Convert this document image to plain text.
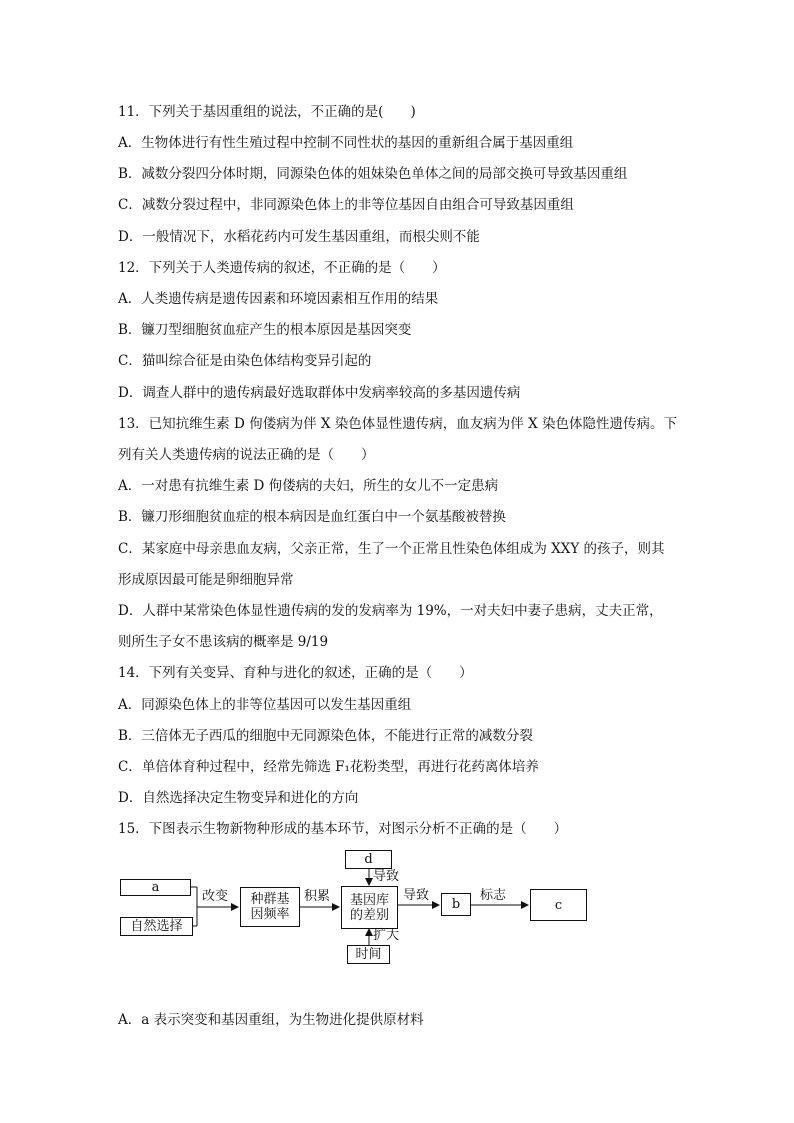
11．下列关于基因重组的说法，不正确的是(　　)
A．生物体进行有性生殖过程中控制不同性状的基因的重新组合属于基因重组
B．减数分裂四分体时期，同源染色体的姐妹染色单体之间的局部交换可导致基因重组
C．减数分裂过程中，非同源染色体上的非等位基因自由组合可导致基因重组
D．一般情况下，水稻花药内可发生基因重组，而根尖则不能
12．下列关于人类遗传病的叙述，不正确的是（　　）
A．人类遗传病是遗传因素和环境因素相互作用的结果
B．镰刀型细胞贫血症产生的根本原因是基因突变
C．猫叫综合征是由染色体结构变异引起的
D．调查人群中的遗传病最好选取群体中发病率较高的多基因遗传病
13．已知抗维生素 D 佝偻病为伴 X 染色体显性遗传病，血友病为伴 X 染色体隐性遗传病。下
列有关人类遗传病的说法正确的是（　　）
A．一对患有抗维生素 D 佝偻病的夫妇，所生的女儿不一定患病
B．镰刀形细胞贫血症的根本病因是血红蛋白中一个氨基酸被替换
C．某家庭中母亲患血友病，父亲正常，生了一个正常且性染色体组成为 XXY 的孩子，则其
形成原因最可能是卵细胞异常
D．人群中某常染色体显性遗传病的发的发病率为 19%，一对夫妇中妻子患病，丈夫正常，
则所生子女不患该病的概率是 9/19
14．下列有关变异、育种与进化的叙述，正确的是（　　）
A．同源染色体上的非等位基因可以发生基因重组
B．三倍体无子西瓜的细胞中无同源染色体，不能进行正常的减数分裂
C．单倍体育种过程中，经常先筛选 F₁花粉类型，再进行花药离体培养
D．自然选择决定生物变异和进化的方向
15．下图表示生物新物种形成的基本环节，对图示分析不正确的是（　　）
a
自然选择
改变	种群基因频率
积累
d
导致
基因库的差别
扩大
时间
导致
b
标志
c
A．a 表示突变和基因重组，为生物进化提供原材料
